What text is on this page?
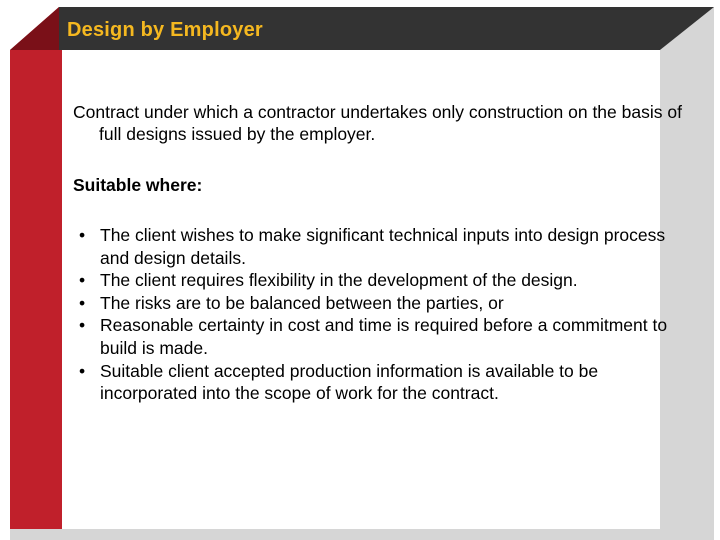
Design by Employer

Contract under which a contractor undertakes only construction on the basis of full designs issued by the employer.

Suitable where:

• The client wishes to make significant technical inputs into design process and design details.
• The client requires flexibility in the development of the design.
• The risks are to be balanced between the parties, or
• Reasonable certainty in cost and time is required before a commitment to build is made.
• Suitable client accepted production information is available to be incorporated into the scope of work for the contract.
